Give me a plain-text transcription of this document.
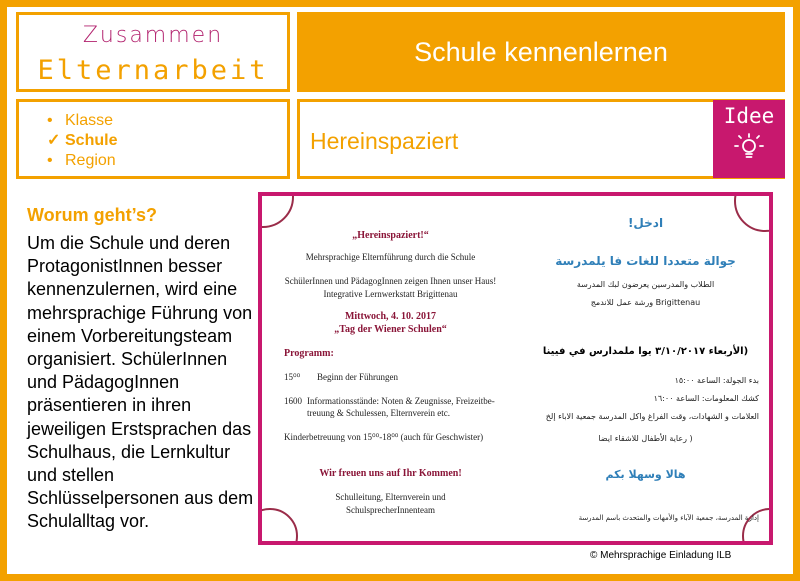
Zusammen
Elternarbeit
Schule kennenlernen
• Klasse
✓ Schule
• Region
Hereinspaziert
Idee
Worum geht’s?
Um die Schule und deren ProtagonistInnen besser kennenzulernen, wird eine mehrsprachige Führung von einem Vorbereitungsteam organisiert. SchülerInnen und PädagogInnen präsentieren in ihren jeweiligen Erstsprachen das Schulhaus, die Lernkultur und stellen Schlüsselpersonen aus dem Schulalltag vor.
„Hereinspaziert!“
Mehrsprachige Elternführung durch die Schule
SchülerInnen und PädagogInnen zeigen Ihnen unser Haus!
Integrative Lernwerkstatt Brigittenau
Mittwoch, 4. 10. 2017
„Tag der Wiener Schulen“
Programm:
15⁰⁰ Beginn der Führungen
1600 Informationsstände: Noten & Zeugnisse, Freizeitbe-
treuung & Schulessen, Elternverein etc.
Kinderbetreuung von 15⁰⁰-18⁰⁰ (auch für Geschwister)
Wir freuen uns auf Ihr Kommen!
Schulleitung, Elternverein und
SchulsprecherInnenteam
!ادخل
جوالة متعددا للغات فا يلمدرسة
الطلاب والمدرسين يعرضون لبك المدرسة
ورشة عمل للاندمج Brigittenau
الأربعاء ٣/١٠/٢٠١٧ يوا ملمدارس في فيينا)
بدء الجولة: الساعة ١٥:٠٠
كشك المعلومات: الساعة ١٦:٠٠
العلامات و الشهادات، وقت الفراغ واكل المدرسة جمعية الاباء إلخ
رعاية الأطفال للاشقاء ايضا )
هالا وسهلا بكم
إدارة المدرسة، جمعية الآباء والأمهات والمتحدث باسم المدرسة
© Mehrsprachige Einladung ILB
